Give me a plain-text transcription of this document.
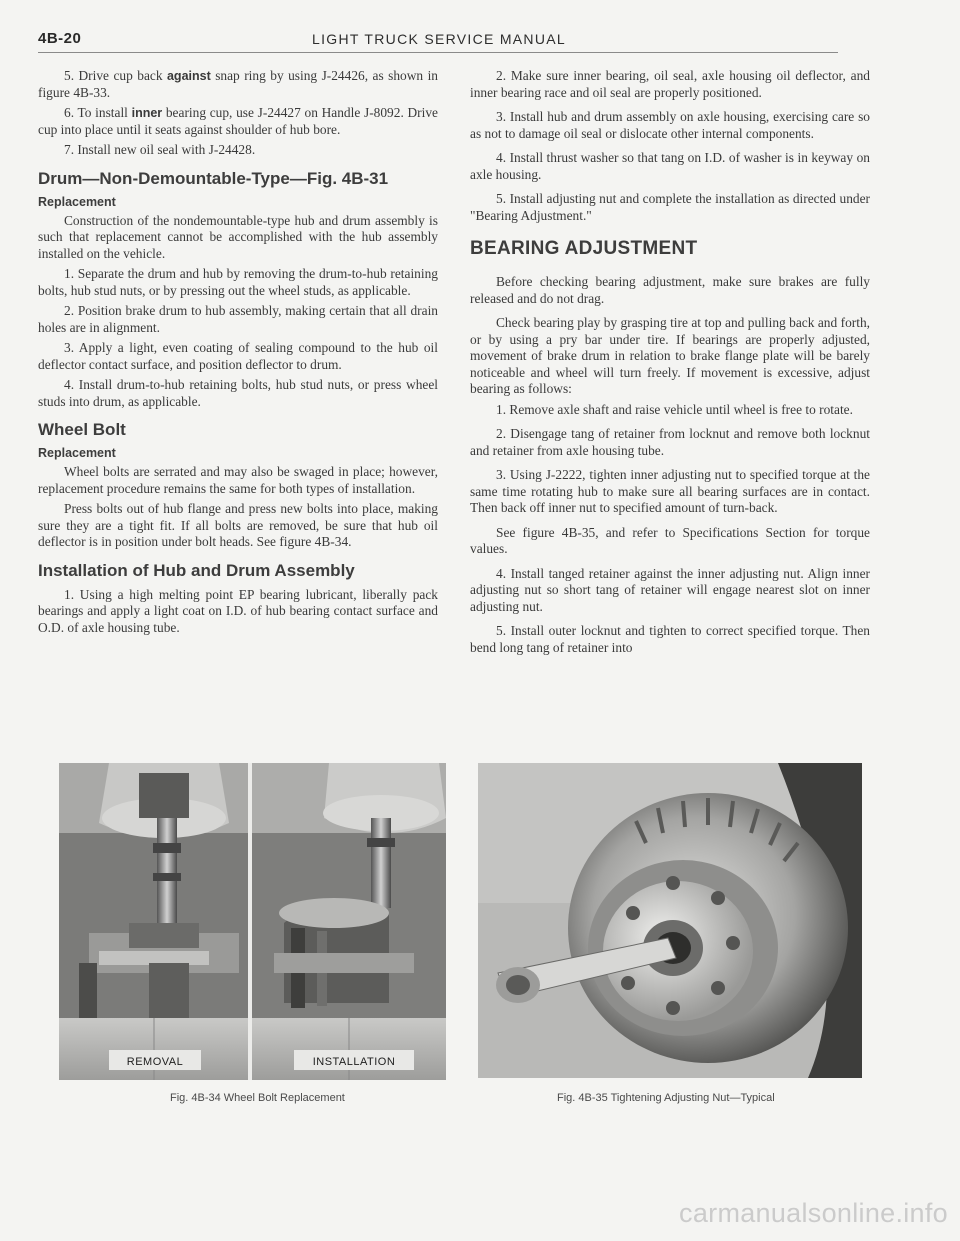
4B-20	LIGHT TRUCK SERVICE MANUAL

5. Drive cup back against snap ring by using J-24426, as shown in figure 4B-33.

6. To install inner bearing cup, use J-24427 on Handle J-8092. Drive cup into place until it seats against shoulder of hub bore.

7. Install new oil seal with J-24428.

Drum—Non-Demountable-Type—Fig. 4B-31
Replacement

Construction of the nondemountable-type hub and drum assembly is such that replacement cannot be accomplished with the hub assembly installed on the vehicle.

1. Separate the drum and hub by removing the drum-to-hub retaining bolts, hub stud nuts, or by pressing out the wheel studs, as applicable.

2. Position brake drum to hub assembly, making certain that all drain holes are in alignment.

3. Apply a light, even coating of sealing compound to the hub oil deflector contact surface, and position deflector to drum.

4. Install drum-to-hub retaining bolts, hub stud nuts, or press wheel studs into drum, as applicable.

Wheel Bolt
Replacement

Wheel bolts are serrated and may also be swaged in place; however, replacement procedure remains the same for both types of installation.

Press bolts out of hub flange and press new bolts into place, making sure they are a tight fit. If all bolts are removed, be sure that hub oil deflector is in position under bolt heads. See figure 4B-34.

Installation of Hub and Drum Assembly

1. Using a high melting point EP bearing lubricant, liberally pack bearings and apply a light coat on I.D. of hub bearing contact surface and O.D. of axle housing tube.

2. Make sure inner bearing, oil seal, axle housing oil deflector, and inner bearing race and oil seal are properly positioned.

3. Install hub and drum assembly on axle housing, exercising care so as not to damage oil seal or dislocate other internal components.

4. Install thrust washer so that tang on I.D. of washer is in keyway on axle housing.

5. Install adjusting nut and complete the installation as directed under "Bearing Adjustment."

BEARING ADJUSTMENT

Before checking bearing adjustment, make sure brakes are fully released and do not drag.

Check bearing play by grasping tire at top and pulling back and forth, or by using a pry bar under tire. If bearings are properly adjusted, movement of brake drum in relation to brake flange plate will be barely noticeable and wheel will turn freely. If movement is excessive, adjust bearing as follows:

1. Remove axle shaft and raise vehicle until wheel is free to rotate.

2. Disengage tang of retainer from locknut and remove both locknut and retainer from axle housing tube.

3. Using J-2222, tighten inner adjusting nut to specified torque at the same time rotating hub to make sure all bearing surfaces are in contact. Then back off inner nut to specified amount of turn-back.

See figure 4B-35, and refer to Specifications Section for torque values.

4. Install tanged retainer against the inner adjusting nut. Align inner adjusting nut so short tang of retainer will engage nearest slot on inner adjusting nut.

5. Install outer locknut and tighten to correct specified torque. Then bend long tang of retainer into

REMOVAL	INSTALLATION
Fig. 4B-34 Wheel Bolt Replacement	Fig. 4B-35 Tightening Adjusting Nut—Typical
carmanualsonline.info
